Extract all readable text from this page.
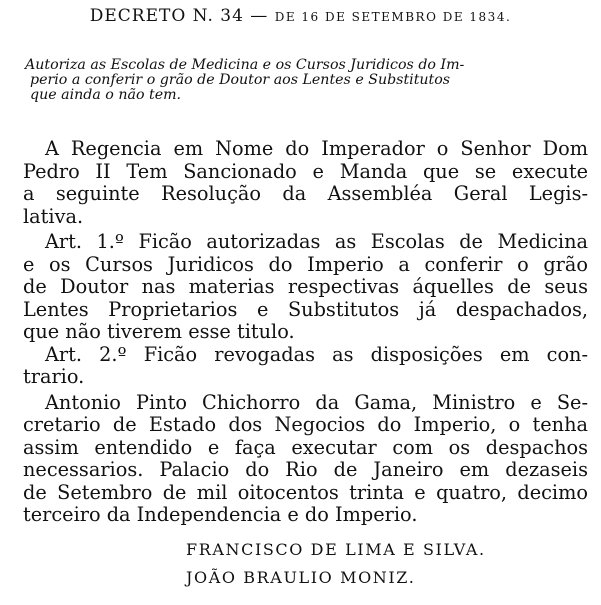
DECRETO N. 34 — DE 16 DE SETEMBRO DE 1834.
Autoriza as Escolas de Medicina e os Cursos Juridicos do Im-
perio a conferir o grão de Doutor aos Lentes e Substitutos
que ainda o não tem.
A Regencia em Nome do Imperador o Senhor Dom
Pedro II Tem Sancionado e Manda que se execute
a seguinte Resolução da Assembléa Geral Legis-
lativa.
Art. 1.º Ficão autorizadas as Escolas de Medicina
e os Cursos Juridicos do Imperio a conferir o grão
de Doutor nas materias respectivas áquelles de seus
Lentes Proprietarios e Substitutos já despachados,
que não tiverem esse titulo.
Art. 2.º Ficão revogadas as disposições em con-
trario.
Antonio Pinto Chichorro da Gama, Ministro e Se-
cretario de Estado dos Negocios do Imperio, o tenha
assim entendido e faça executar com os despachos
necessarios. Palacio do Rio de Janeiro em dezaseis
de Setembro de mil oitocentos trinta e quatro, decimo
terceiro da Independencia e do Imperio.
FRANCISCO DE LIMA E SILVA.
JOÃO BRAULIO MONIZ.
